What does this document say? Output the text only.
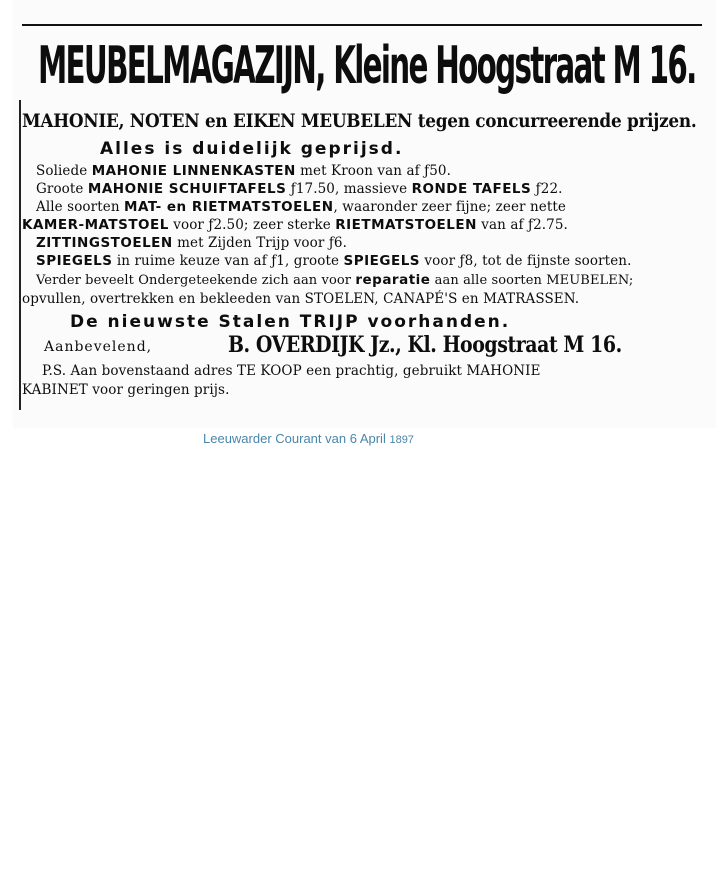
MEUBELMAGAZIJN, Kleine Hoogstraat M 16.
MAHONIE, NOTEN en EIKEN MEUBELEN tegen concurreerende prijzen.
Alles is duidelijk geprijsd.
Soliede MAHONIE LINNENKASTEN met Kroon van af ƒ50.
Groote MAHONIE SCHUIFTAFELS ƒ17.50, massieve RONDE TAFELS ƒ22.
Alle soorten MAT- en RIETMATSTOELEN, waaronder zeer fijne; zeer nette
KAMER-MATSTOEL voor ƒ2.50; zeer sterke RIETMATSTOELEN van af ƒ2.75.
ZITTINGSTOELEN met Zijden Trijp voor ƒ6.
SPIEGELS in ruime keuze van af ƒ1, groote SPIEGELS voor ƒ8, tot de fijnste soorten.
Verder beveelt Ondergeteekende zich aan voor reparatie aan alle soorten MEUBELEN;
opvullen, overtrekken en bekleeden van STOELEN, CANAPÉ'S en MATRASSEN.
De nieuwste Stalen TRIJP voorhanden.
Aanbevelend,	B. OVERDIJK Jz., Kl. Hoogstraat M 16.
P.S. Aan bovenstaand adres TE KOOP een prachtig, gebruikt MAHONIE
KABINET voor geringen prijs.
Leeuwarder Courant van 6 April 1897
